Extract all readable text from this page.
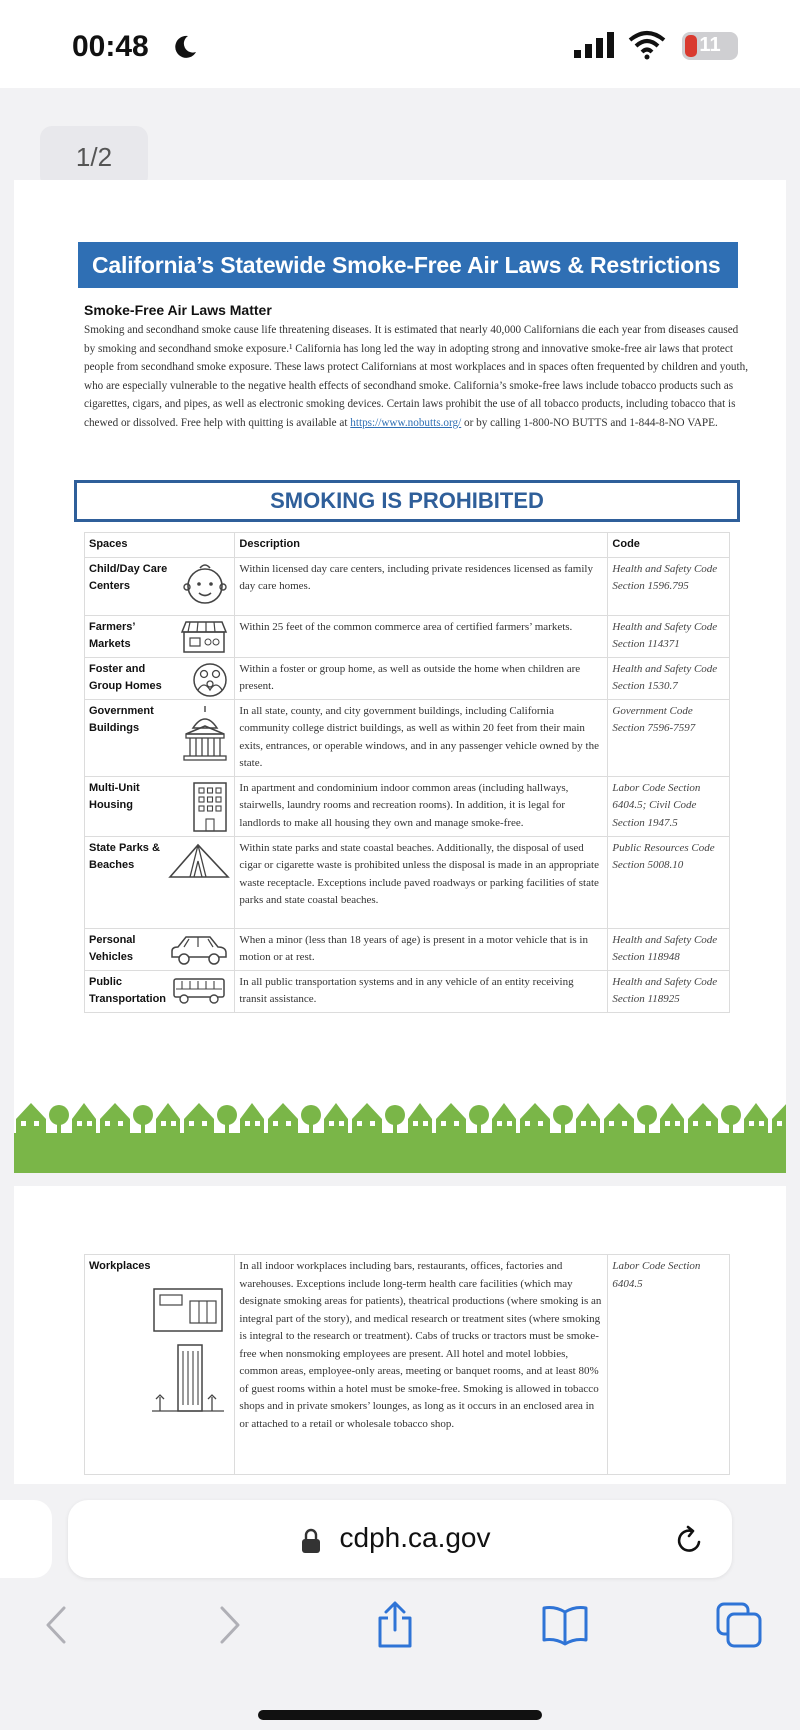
00:48	11
1/2
California’s Statewide Smoke-Free Air Laws & Restrictions
Smoke-Free Air Laws Matter
Smoking and secondhand smoke cause life threatening diseases. It is estimated that nearly 40,000 Californians die each year from diseases caused by smoking and secondhand smoke exposure.¹ California has long led the way in adopting strong and innovative smoke-free air laws that protect people from secondhand smoke exposure. These laws protect Californians at most workplaces and in spaces often frequented by children and youth, who are especially vulnerable to the negative health effects of secondhand smoke. California’s smoke-free laws include tobacco products such as cigarettes, cigars, and pipes, as well as electronic smoking devices. Certain laws prohibit the use of all tobacco products, including tobacco that is chewed or dissolved. Free help with quitting is available at https://www.nobutts.org/ or by calling 1-800-NO BUTTS and 1-844-8-NO VAPE.
SMOKING IS PROHIBITED
Spaces	Description	Code

Child/Day Care Centers	Within licensed day care centers, including private residences licensed as family day care homes.	Health and Safety Code Section 1596.795

Farmers’ Markets	Within 25 feet of the common commerce area of certified farmers’ markets.	Health and Safety Code Section 114371

Foster and Group Homes	Within a foster or group home, as well as outside the home when children are present.	Health and Safety Code Section 1530.7

Government Buildings	In all state, county, and city government buildings, including California community college district buildings, as well as within 20 feet from their main exits, entrances, or operable windows, and in any passenger vehicle owned by the state.	Government Code Section 7596-7597

Multi-Unit Housing	In apartment and condominium indoor common areas (including hallways, stairwells, laundry rooms and recreation rooms). In addition, it is legal for landlords to make all housing they own and manage smoke-free.	Labor Code Section 6404.5; Civil Code Section 1947.5

State Parks & Beaches	Within state parks and state coastal beaches. Additionally, the disposal of used cigar or cigarette waste is prohibited unless the disposal is made in an appropriate waste receptacle. Exceptions include paved roadways or parking facilities of state parks and state coastal beaches.	Public Resources Code Section 5008.10

Personal Vehicles	When a minor (less than 18 years of age) is present in a motor vehicle that is in motion or at rest.	Health and Safety Code Section 118948

Public Transportation	In all public transportation systems and in any vehicle of an entity receiving transit assistance.	Health and Safety Code Section 118925
Workplaces	In all indoor workplaces including bars, restaurants, offices, factories and warehouses. Exceptions include long-term health care facilities (which may designate smoking areas for patients), theatrical productions (where smoking is an integral part of the story), and medical research or treatment sites (where smoking is integral to the research or treatment). Cabs of trucks or tractors must be smoke-free when nonsmoking employees are present. All hotel and motel lobbies, common areas, employee-only areas, meeting or banquet rooms, and at least 80% of guest rooms within a hotel must be smoke-free. Smoking is allowed in tobacco shops and in private smokers’ lounges, as long as it occurs in an enclosed area in or attached to a retail or wholesale tobacco shop.	Labor Code Section 6404.5
cdph.ca.gov
